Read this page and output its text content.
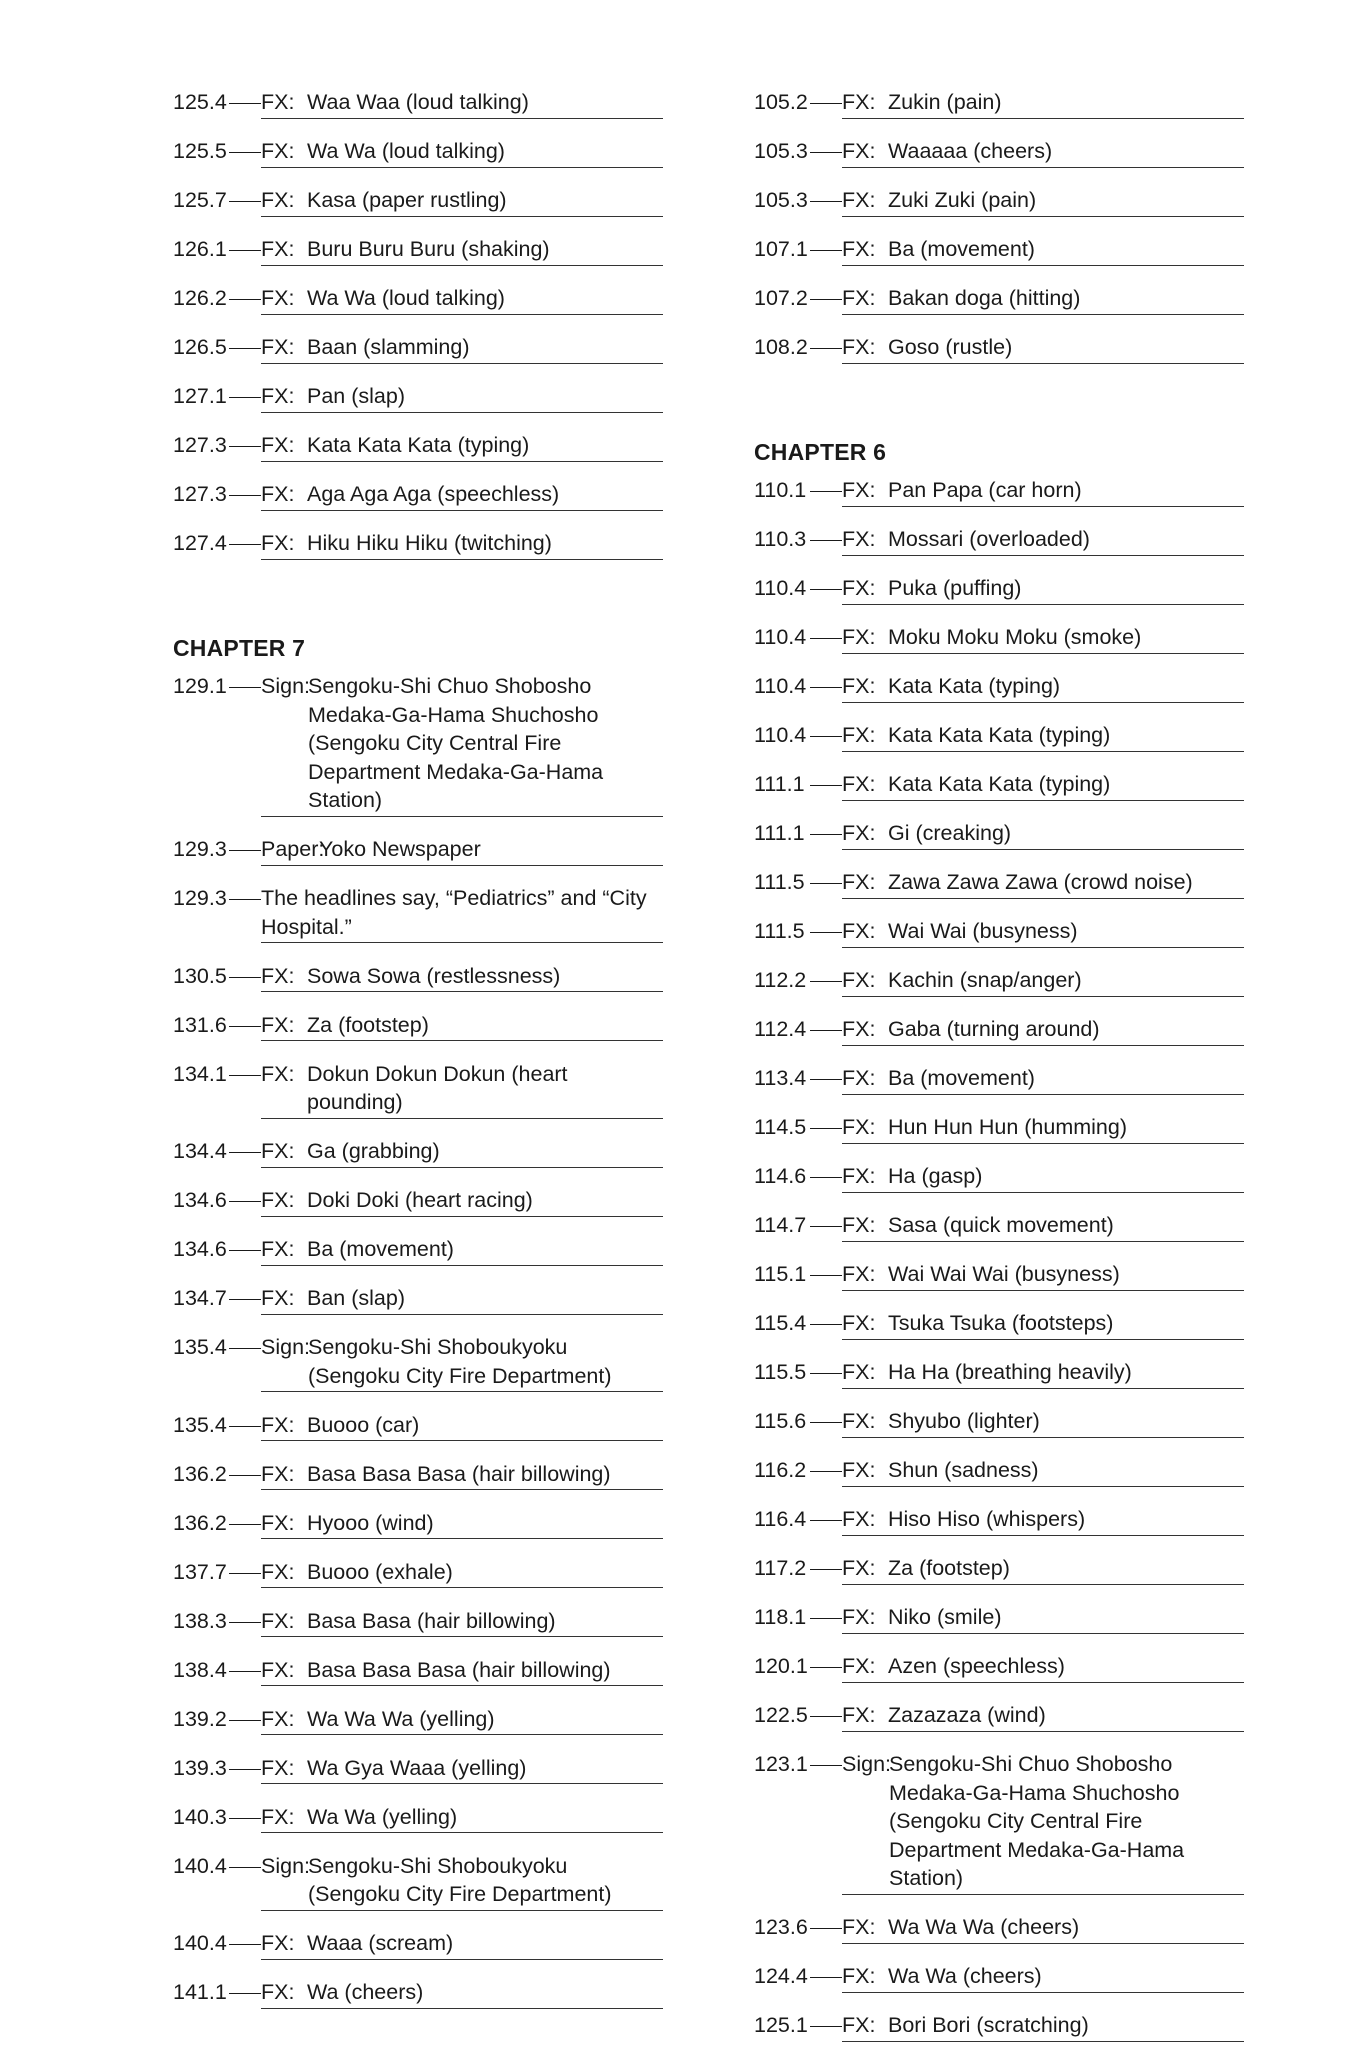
125.4 FX: Waa Waa (loud talking)
125.5 FX: Wa Wa (loud talking)
125.7 FX: Kasa (paper rustling)
126.1 FX: Buru Buru Buru (shaking)
126.2 FX: Wa Wa (loud talking)
126.5 FX: Baan (slamming)
127.1 FX: Pan (slap)
127.3 FX: Kata Kata Kata (typing)
127.3 FX: Aga Aga Aga (speechless)
127.4 FX: Hiku Hiku Hiku (twitching)
CHAPTER 7
129.1 Sign:
Sengoku-Shi Chuo Shobosho Medaka-Ga-Hama Shuchosho (Sengoku City Central Fire Department Medaka-Ga-Hama Station)
129.3 Paper:
Yoko Newspaper
129.3 The headlines say, “Pediatrics” and “City Hospital.”
130.5 FX: Sowa Sowa (restlessness)
131.6 FX: Za (footstep)
134.1 FX: Dokun Dokun Dokun (heart pounding)
134.4 FX: Ga (grabbing)
134.6 FX: Doki Doki (heart racing)
134.6 FX: Ba (movement)
134.7 FX: Ban (slap)
135.4 Sign:
Sengoku-Shi Shoboukyoku (Sengoku City Fire Department)
135.4 FX: Buooo (car)
136.2 FX: Basa Basa Basa (hair billowing)
136.2 FX: Hyooo (wind)
137.7 FX: Buooo (exhale)
138.3 FX: Basa Basa (hair billowing)
138.4 FX: Basa Basa Basa (hair billowing)
139.2 FX: Wa Wa Wa (yelling)
139.3 FX: Wa Gya Waaa (yelling)
140.3 FX: Wa Wa (yelling)
140.4 Sign:
Sengoku-Shi Shoboukyoku (Sengoku City Fire Department)
140.4 FX: Waaa (scream)
141.1 FX: Wa (cheers)
105.2 FX: Zukin (pain)
105.3 FX: Waaaaa (cheers)
105.3 FX: Zuki Zuki (pain)
107.1 FX: Ba (movement)
107.2 FX: Bakan doga (hitting)
108.2 FX: Goso (rustle)
CHAPTER 6
110.1 FX: Pan Papa (car horn)
110.3 FX: Mossari (overloaded)
110.4 FX: Puka (puffing)
110.4 FX: Moku Moku Moku (smoke)
110.4 FX: Kata Kata (typing)
110.4 FX: Kata Kata Kata (typing)
111.1 FX: Kata Kata Kata (typing)
111.1 FX: Gi (creaking)
111.5 FX: Zawa Zawa Zawa (crowd noise)
111.5 FX: Wai Wai (busyness)
112.2 FX: Kachin (snap/anger)
112.4 FX: Gaba (turning around)
113.4 FX: Ba (movement)
114.5 FX: Hun Hun Hun (humming)
114.6 FX: Ha (gasp)
114.7 FX: Sasa (quick movement)
115.1 FX: Wai Wai Wai (busyness)
115.4 FX: Tsuka Tsuka (footsteps)
115.5 FX: Ha Ha (breathing heavily)
115.6 FX: Shyubo (lighter)
116.2 FX: Shun (sadness)
116.4 FX: Hiso Hiso (whispers)
117.2 FX: Za (footstep)
118.1 FX: Niko (smile)
120.1 FX: Azen (speechless)
122.5 FX: Zazazaza (wind)
123.1 Sign:
Sengoku-Shi Chuo Shobosho Medaka-Ga-Hama Shuchosho (Sengoku City Central Fire Department Medaka-Ga-Hama Station)
123.6 FX: Wa Wa Wa (cheers)
124.4 FX: Wa Wa (cheers)
125.1 FX: Bori Bori (scratching)
